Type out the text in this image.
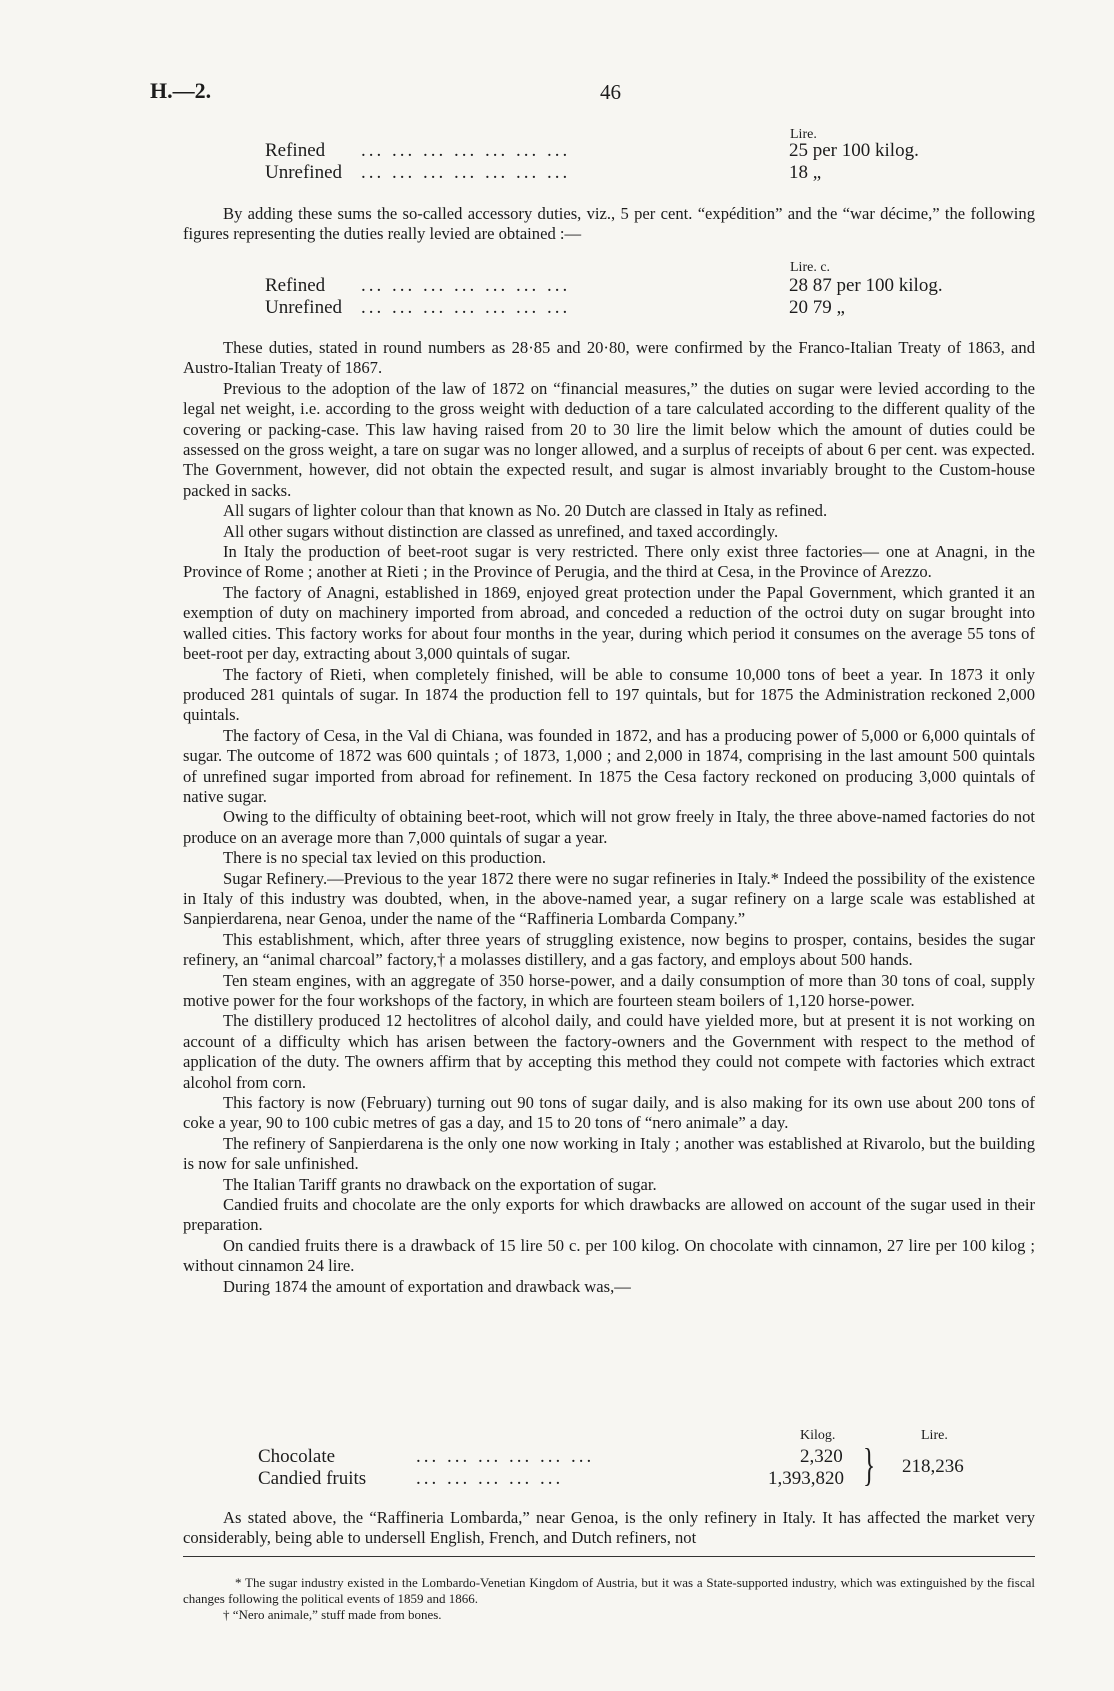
H.—2.	46
Lire.
Refined ... ... ... ... ... ... ...	25 per 100 kilog.
Unrefined ... ... ... ... ... ... ...	18 „

By adding these sums the so-called accessory duties, viz., 5 per cent. “expédition” and the “war décime,” the following figures representing the duties really levied are obtained :—

Lire. c.
Refined ... ... ... ... ... ... ...	28 87 per 100 kilog.
Unrefined ... ... ... ... ... ... ...	20 79 „

These duties, stated in round numbers as 28·85 and 20·80, were confirmed by the Franco-Italian Treaty of 1863, and Austro-Italian Treaty of 1867.

Previous to the adoption of the law of 1872 on “financial measures,” the duties on sugar were levied according to the legal net weight, i.e. according to the gross weight with deduction of a tare calculated according to the different quality of the covering or packing-case. This law having raised from 20 to 30 lire the limit below which the amount of duties could be assessed on the gross weight, a tare on sugar was no longer allowed, and a surplus of receipts of about 6 per cent. was expected. The Government, however, did not obtain the expected result, and sugar is almost invariably brought to the Custom-house packed in sacks.

All sugars of lighter colour than that known as No. 20 Dutch are classed in Italy as refined.

All other sugars without distinction are classed as unrefined, and taxed accordingly.

In Italy the production of beet-root sugar is very restricted. There only exist three factories— one at Anagni, in the Province of Rome ; another at Rieti ; in the Province of Perugia, and the third at Cesa, in the Province of Arezzo.

The factory of Anagni, established in 1869, enjoyed great protection under the Papal Government, which granted it an exemption of duty on machinery imported from abroad, and conceded a reduction of the octroi duty on sugar brought into walled cities. This factory works for about four months in the year, during which period it consumes on the average 55 tons of beet-root per day, extracting about 3,000 quintals of sugar.

The factory of Rieti, when completely finished, will be able to consume 10,000 tons of beet a year. In 1873 it only produced 281 quintals of sugar. In 1874 the production fell to 197 quintals, but for 1875 the Administration reckoned 2,000 quintals.

The factory of Cesa, in the Val di Chiana, was founded in 1872, and has a producing power of 5,000 or 6,000 quintals of sugar. The outcome of 1872 was 600 quintals ; of 1873, 1,000 ; and 2,000 in 1874, comprising in the last amount 500 quintals of unrefined sugar imported from abroad for refinement. In 1875 the Cesa factory reckoned on producing 3,000 quintals of native sugar.

Owing to the difficulty of obtaining beet-root, which will not grow freely in Italy, the three above-named factories do not produce on an average more than 7,000 quintals of sugar a year.

There is no special tax levied on this production.

Sugar Refinery.—Previous to the year 1872 there were no sugar refineries in Italy.* Indeed the possibility of the existence in Italy of this industry was doubted, when, in the above-named year, a sugar refinery on a large scale was established at Sanpierdarena, near Genoa, under the name of the “Raffineria Lombarda Company.”

This establishment, which, after three years of struggling existence, now begins to prosper, contains, besides the sugar refinery, an “animal charcoal” factory,† a molasses distillery, and a gas factory, and employs about 500 hands.

Ten steam engines, with an aggregate of 350 horse-power, and a daily consumption of more than 30 tons of coal, supply motive power for the four workshops of the factory, in which are fourteen steam boilers of 1,120 horse-power.

The distillery produced 12 hectolitres of alcohol daily, and could have yielded more, but at present it is not working on account of a difficulty which has arisen between the factory-owners and the Government with respect to the method of application of the duty. The owners affirm that by accepting this method they could not compete with factories which extract alcohol from corn.

This factory is now (February) turning out 90 tons of sugar daily, and is also making for its own use about 200 tons of coke a year, 90 to 100 cubic metres of gas a day, and 15 to 20 tons of “nero animale” a day.

The refinery of Sanpierdarena is the only one now working in Italy ; another was established at Rivarolo, but the building is now for sale unfinished.

The Italian Tariff grants no drawback on the exportation of sugar.

Candied fruits and chocolate are the only exports for which drawbacks are allowed on account of the sugar used in their preparation.

On candied fruits there is a drawback of 15 lire 50 c. per 100 kilog. On chocolate with cinnamon, 27 lire per 100 kilog ; without cinnamon 24 lire.

During 1874 the amount of exportation and drawback was,—

Kilog.	Lire.
Chocolate	... ... ... ... ... ...	2,320
Candied fruits	... ... ... ... ...	1,393,820 } 218,236

As stated above, the “Raffineria Lombarda,” near Genoa, is the only refinery in Italy. It has affected the market very considerably, being able to undersell English, French, and Dutch refiners, not

* The sugar industry existed in the Lombardo-Venetian Kingdom of Austria, but it was a State-supported industry, which was extinguished by the fiscal changes following the political events of 1859 and 1866.

† “Nero animale,” stuff made from bones.
